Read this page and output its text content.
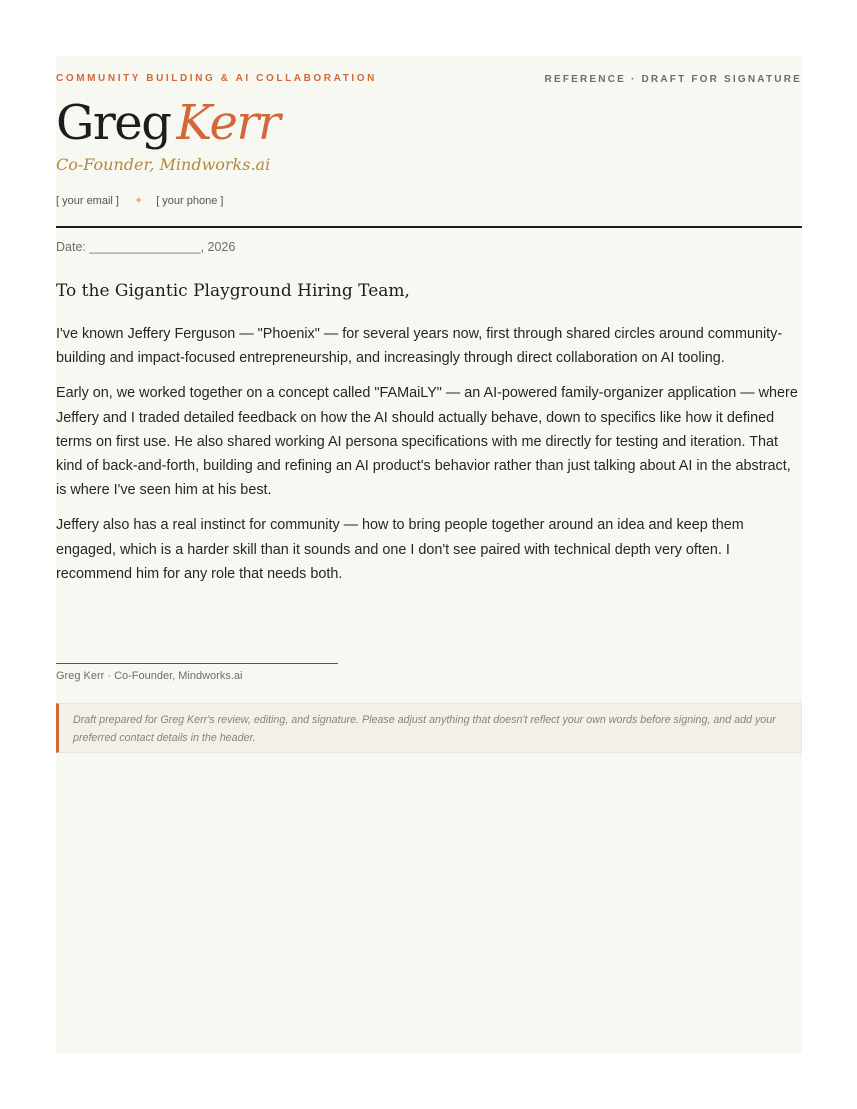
COMMUNITY BUILDING & AI COLLABORATION	REFERENCE · DRAFT FOR SIGNATURE
Greg Kerr
Co-Founder, Mindworks.ai
[ your email ] ✦ [ your phone ]
Date: ________________, 2026
To the Gigantic Playground Hiring Team,

I've known Jeffery Ferguson — "Phoenix" — for several years now, first through shared circles around community-building and impact-focused entrepreneurship, and increasingly through direct collaboration on AI tooling.

Early on, we worked together on a concept called "FAMaiLY" — an AI-powered family-organizer application — where Jeffery and I traded detailed feedback on how the AI should actually behave, down to specifics like how it defined terms on first use. He also shared working AI persona specifications with me directly for testing and iteration. That kind of back-and-forth, building and refining an AI product's behavior rather than just talking about AI in the abstract, is where I've seen him at his best.

Jeffery also has a real instinct for community — how to bring people together around an idea and keep them engaged, which is a harder skill than it sounds and one I don't see paired with technical depth very often. I recommend him for any role that needs both.

Greg Kerr · Co-Founder, Mindworks.ai
Draft prepared for Greg Kerr's review, editing, and signature. Please adjust anything that doesn't reflect your own words before signing, and add your preferred contact details in the header.
